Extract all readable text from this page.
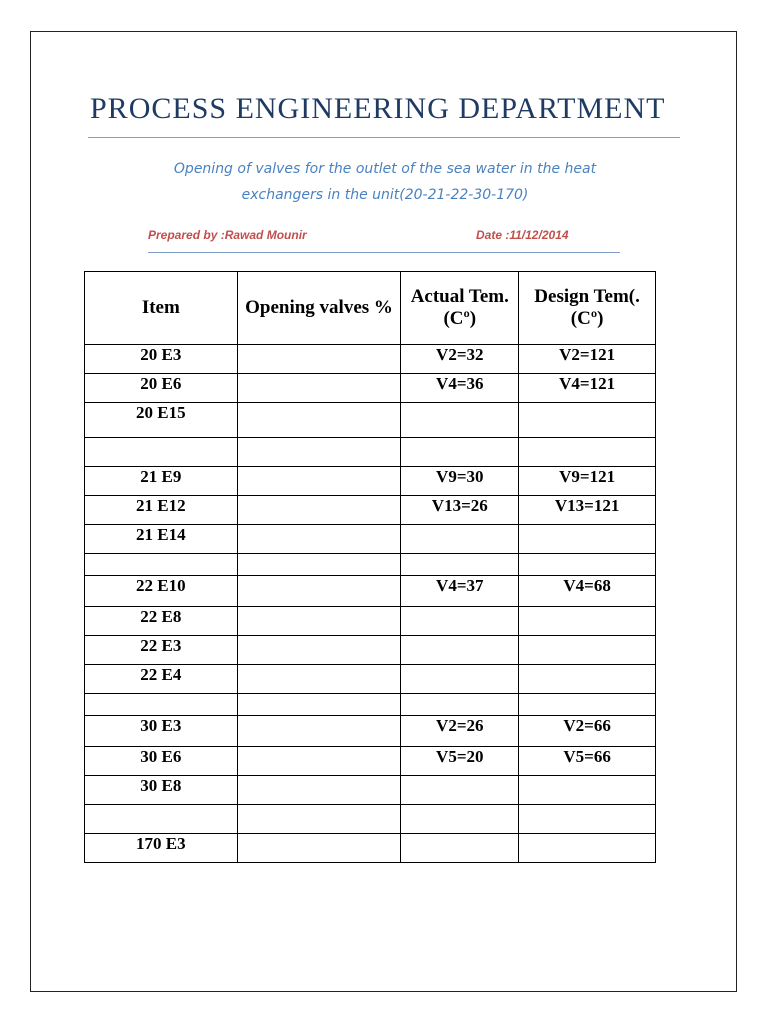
PROCESS ENGINEERING DEPARTMENT
Opening of valves for the outlet of the sea water in the heat
exchangers in the unit(20-21-22-30-170)
Prepared by :Rawad Mounir	Date :11/12/2014
Item	Opening valves %	Actual Tem.(Cº)	Design Tem(.(Cº)
20 E3		V2=32	V2=121
20 E6		V4=36	V4=121
20 E15			

21 E9		V9=30	V9=121
21 E12		V13=26	V13=121
21 E14			

22 E10		V4=37	V4=68
22 E8			
22 E3			
22 E4			

30 E3		V2=26	V2=66
30 E6		V5=20	V5=66
30 E8			

170 E3			
